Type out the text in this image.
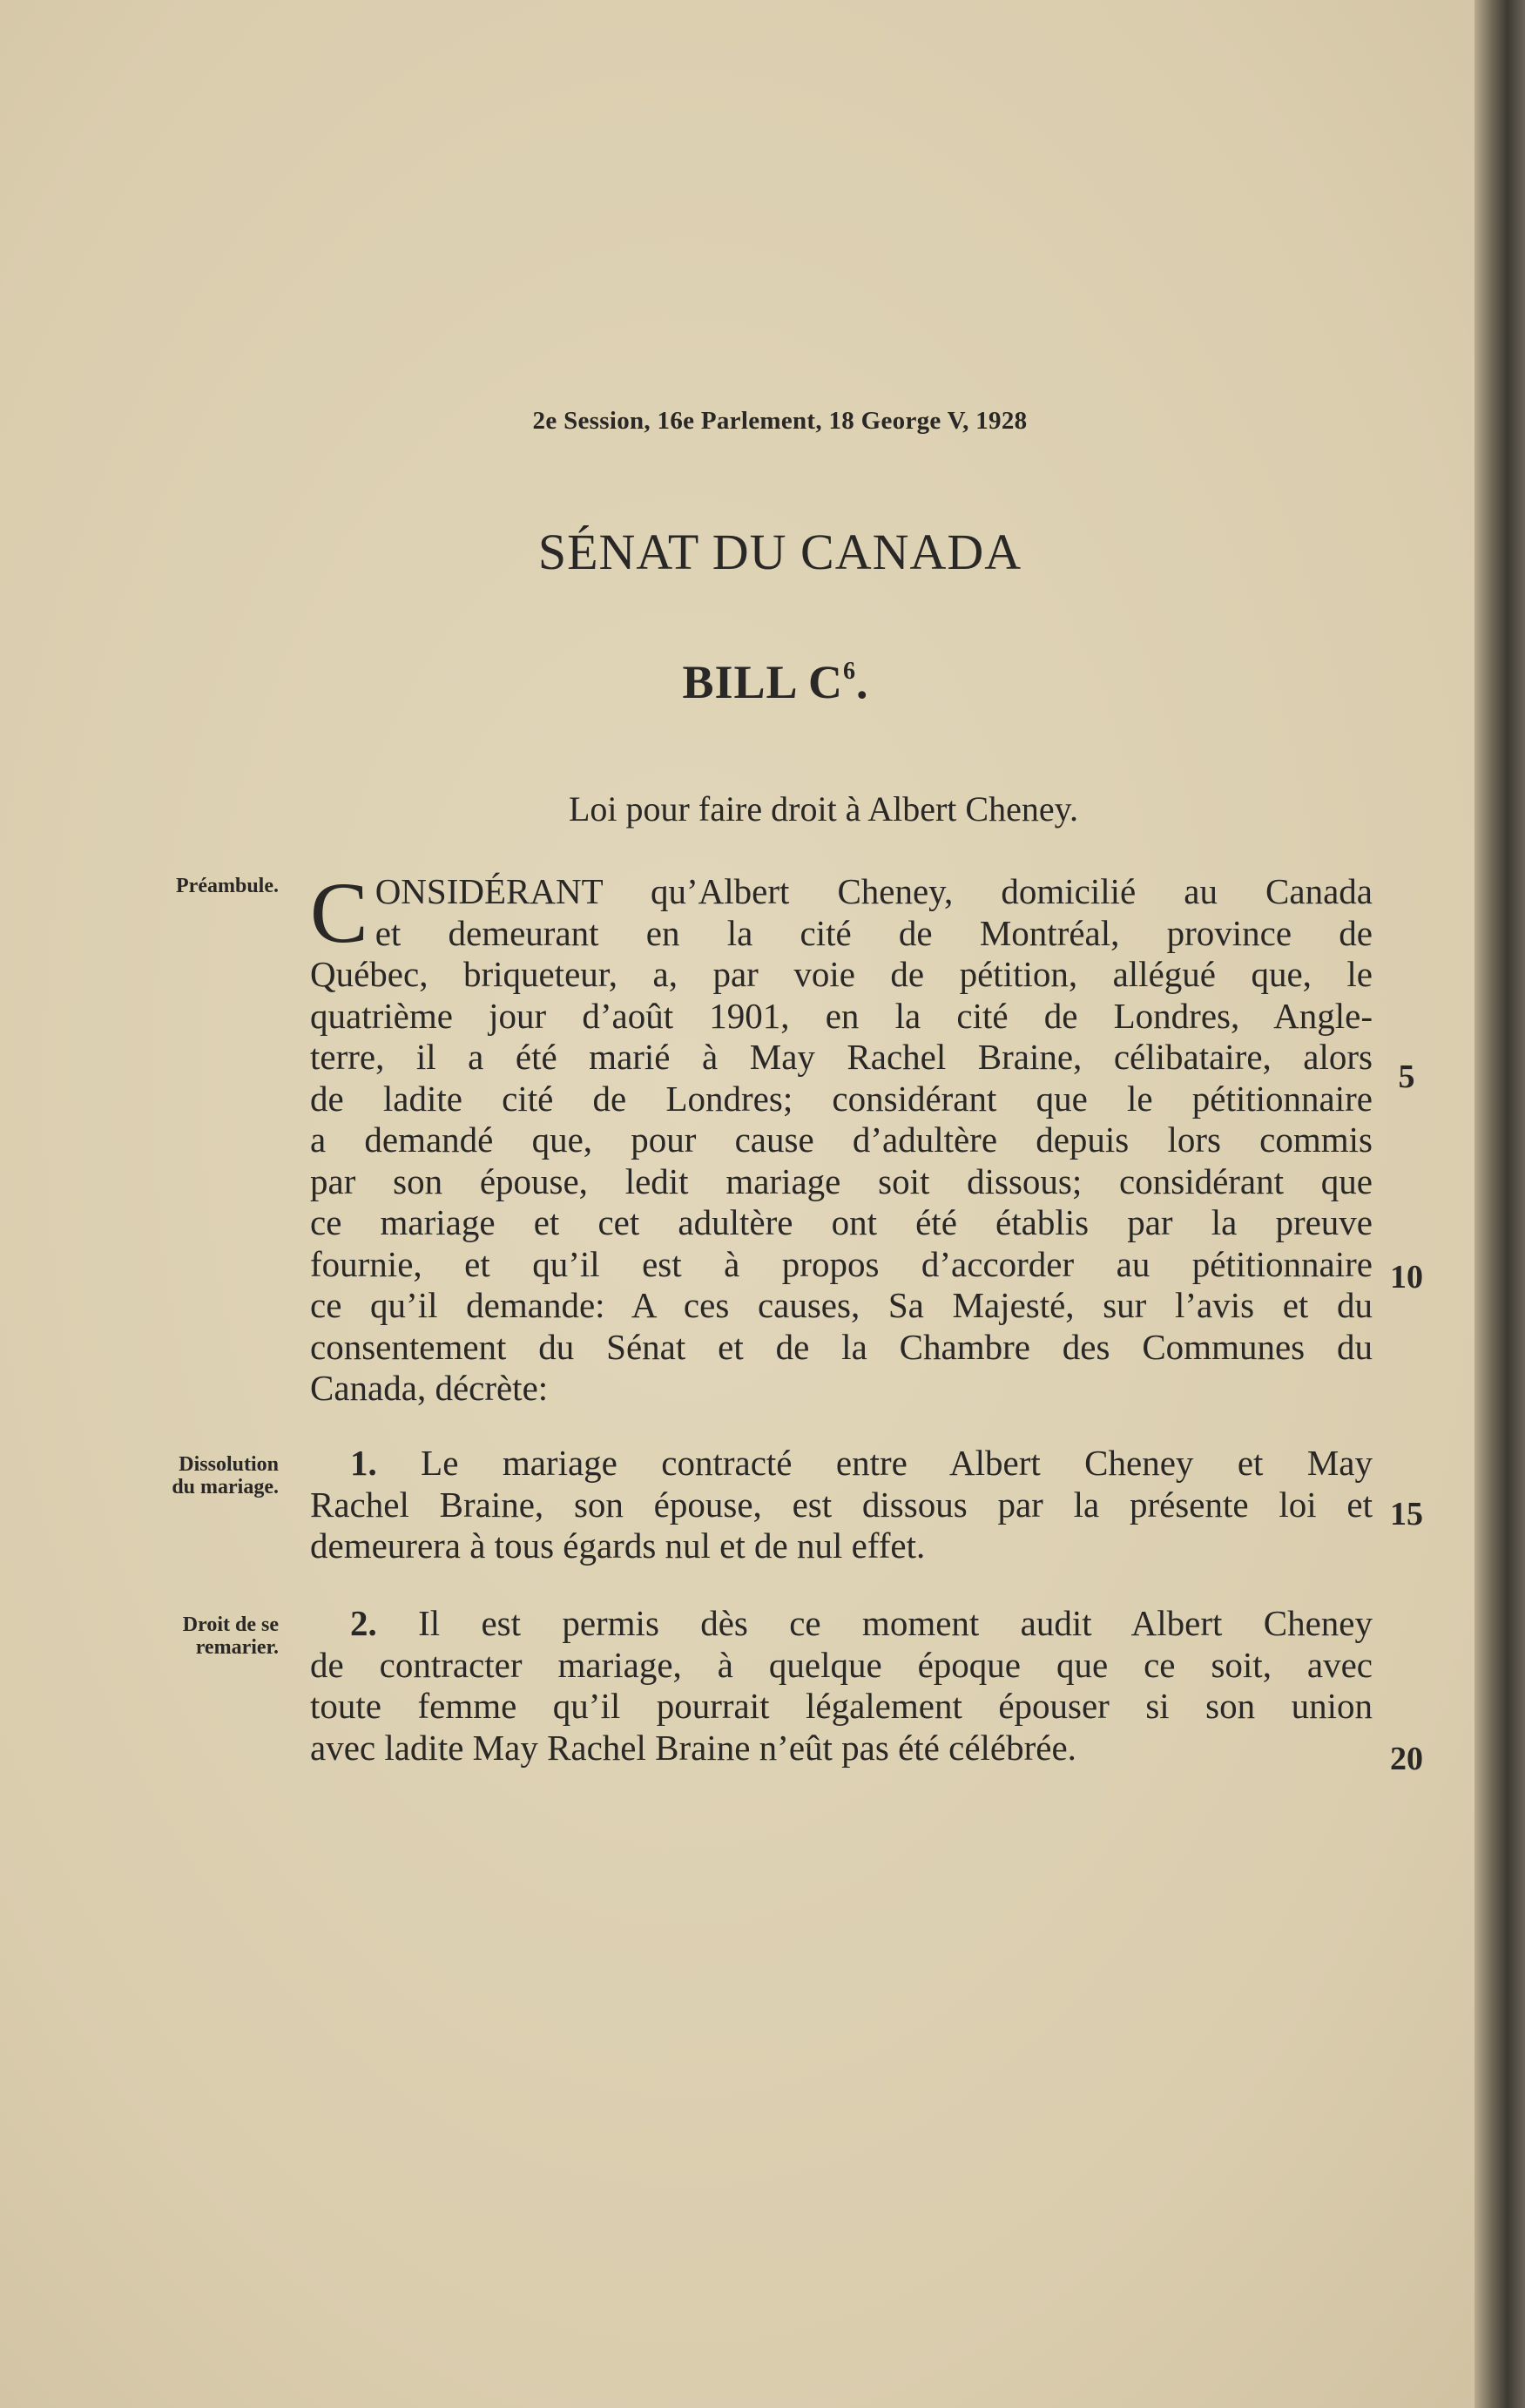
2e Session, 16e Parlement, 18 George V, 1928
SÉNAT DU CANADA
BILL $C^6$.
Loi pour faire droit à Albert Cheney.
Préambule.
Dissolution
du mariage.
Droit de se
remarier.
C ONSIDÉRANT qu’Albert Cheney, domicilié au Canada
et demeurant en la cité de Montréal, province de
Québec, briqueteur, a, par voie de pétition, allégué que, le
quatrième jour d’août 1901, en la cité de Londres, Angle-
terre, il a été marié à May Rachel Braine, célibataire, alors
de ladite cité de Londres; considérant que le pétitionnaire
a demandé que, pour cause d’adultère depuis lors commis
par son épouse, ledit mariage soit dissous; considérant que
ce mariage et cet adultère ont été établis par la preuve
fournie, et qu’il est à propos d’accorder au pétitionnaire
ce qu’il demande: A ces causes, Sa Majesté, sur l’avis et du
consentement du Sénat et de la Chambre des Communes du
Canada, décrète:
1. Le mariage contracté entre Albert Cheney et May
Rachel Braine, son épouse, est dissous par la présente loi et
demeurera à tous égards nul et de nul effet.
2. Il est permis dès ce moment audit Albert Cheney
de contracter mariage, à quelque époque que ce soit, avec
toute femme qu’il pourrait légalement épouser si son union
avec ladite May Rachel Braine n’eût pas été célébrée.
5
10
15
20
